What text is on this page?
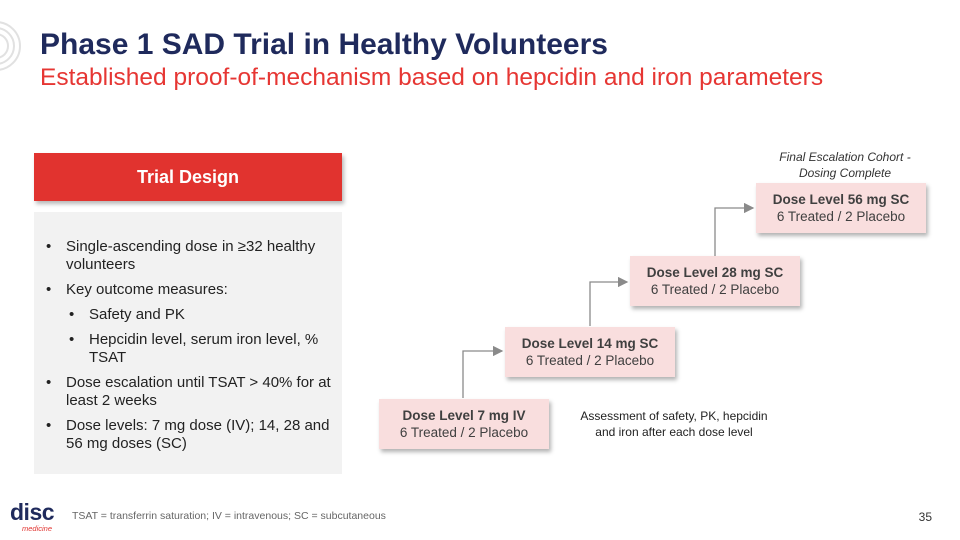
Phase 1 SAD Trial in Healthy Volunteers
Established proof-of-mechanism based on hepcidin and iron parameters
Trial Design
• Single-ascending dose in ≥32 healthy volunteers
• Key outcome measures:
• Safety and PK
• Hepcidin level, serum iron level, % TSAT
• Dose escalation until TSAT > 40% for at least 2 weeks
• Dose levels: 7 mg dose (IV); 14, 28 and 56 mg doses (SC)
Dose Level 7 mg IV
6 Treated / 2 Placebo
Dose Level 14 mg SC
6 Treated / 2 Placebo
Dose Level 28 mg SC
6 Treated / 2 Placebo
Dose Level 56 mg SC
6 Treated / 2 Placebo
Final Escalation Cohort - Dosing Complete
Assessment of safety, PK, hepcidin and iron after each dose level
disc
medicine
TSAT = transferrin saturation; IV = intravenous; SC = subcutaneous	35
